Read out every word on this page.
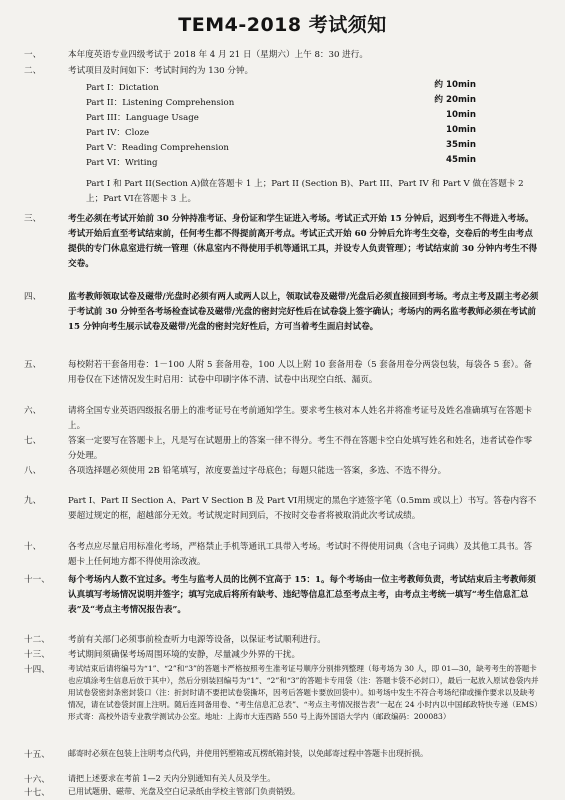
TEM4-2018 考试须知
一、	本年度英语专业四级考试于 2018 年 4 月 21 日（星期六）上午 8：30 进行。
二、	考试项目及时间如下：考试时间约为 130 分钟。
Part I：Dictation	约 10min
Part II：Listening Comprehension	约 20min
Part III：Language Usage	10min
Part IV：Cloze	10min
Part V：Reading Comprehension	35min
Part VI：Writing	45min
Part I 和 Part II(Section A)做在答题卡 1 上；Part II (Section B)、Part III、Part IV 和 Part V 做在答题卡 2 上；Part VI在答题卡 3 上。
三、	考生必须在考试开始前 30 分钟持准考证、身份证和学生证进入考场。考试正式开始 15 分钟后，迟到考生不得进入考场。考试开始后直至考试结束前，任何考生都不得提前离开考点。考试正式开始 60 分钟后允许考生交卷，交卷后的考生由考点提供的专门休息室进行统一管理（休息室内不得使用手机等通讯工具，并设专人负责管理）；考试结束前 30 分钟内考生不得交卷。
四、	监考教师领取试卷及磁带/光盘时必须有两人或两人以上，领取试卷及磁带/光盘后必须直接回到考场。考点主考及副主考必须于考试前 30 分钟至各考场检查试卷及磁带/光盘的密封完好性后在试卷袋上签字确认；考场内的两名监考教师必须在考试前 15 分钟向考生展示试卷及磁带/光盘的密封完好性后，方可当着考生面启封试卷。
五、	每校附若干套备用卷：1－100 人附 5 套备用卷，100 人以上附 10 套备用卷（5 套备用卷分两袋包装，每袋各 5 套）。备用卷仅在下述情况发生时启用：试卷中印刷字体不清、试卷中出现空白纸、漏页。
六、	请将全国专业英语四级报名册上的准考证号在考前通知学生。要求考生核对本人姓名并将准考证号及姓名准确填写在答题卡上。
七、	答案一定要写在答题卡上，凡是写在试题册上的答案一律不得分。考生不得在答题卡空白处填写姓名和姓名，违者试卷作零分处理。
八、	各项选择题必须使用 2B 铅笔填写，浓度要盖过字母底色；每题只能选一答案，多选、不选不得分。
九、	Part I、Part II Section A、Part V Section B 及 Part VI用规定的黑色字迹签字笔（0.5mm 或以上）书写。答卷内容不要超过规定的框，超越部分无效。考试规定时间到后，不按时交卷者将被取消此次考试成绩。
十、	各考点应尽量启用标准化考场，严格禁止手机等通讯工具带入考场。考试时不得使用词典（含电子词典）及其他工具书。答题卡上任何地方都不得使用涂改液。
十一、	每个考场内人数不宜过多。考生与监考人员的比例不宜高于 15：1。每个考场由一位主考教师负责，考试结束后主考教师须认真填写考场情况说明并签字；填写完成后将所有缺考、违纪等信息汇总至考点主考，由考点主考统一填写“考生信息汇总表”及“考点主考情况报告表”。
十二、	考前有关部门必须事前检查听力电源等设备，以保证考试顺利进行。
十三、	考试期间须确保考场周围环境的安静，尽量减少外界的干扰。
十四、	考试结束后请将编号为“1”、“2”和“3”的答题卡严格按照考生准考证号顺序分别排列整理（每考场为 30 人，即 01—30，缺考考生的答题卡也应填涂考生信息后放于其中），然后分别装回编号为“1”、“2”和“3”的答题卡专用袋（注：答题卡袋不必封口），最后一起放入原试卷袋内并用试卷袋密封条密封袋口（注：折封时请不要把试卷袋撕坏，因考后答题卡要放回袋中）。如考场中发生不符合考场纪律或操作要求以及缺考情况，请在试卷袋封面上注明。随后连同备用卷、“考生信息汇总表”、“考点主考情况报告表”一起在 24 小时内以中国邮政特快专递（EMS）形式寄：高校外语专业教学测试办公室。地址：上海市大连西路 550 号上海外国语大学内（邮政编码：200083）
十五、	邮寄时必须在包装上注明考点代码，并使用钙塑箱或瓦楞纸箱封装，以免邮寄过程中答题卡出现折损。
十六、	请把上述要求在考前 1—2 天内分别通知有关人员及学生。
十七、	已用试题册、磁带、光盘及空白记录纸由学校主管部门负责销毁。
